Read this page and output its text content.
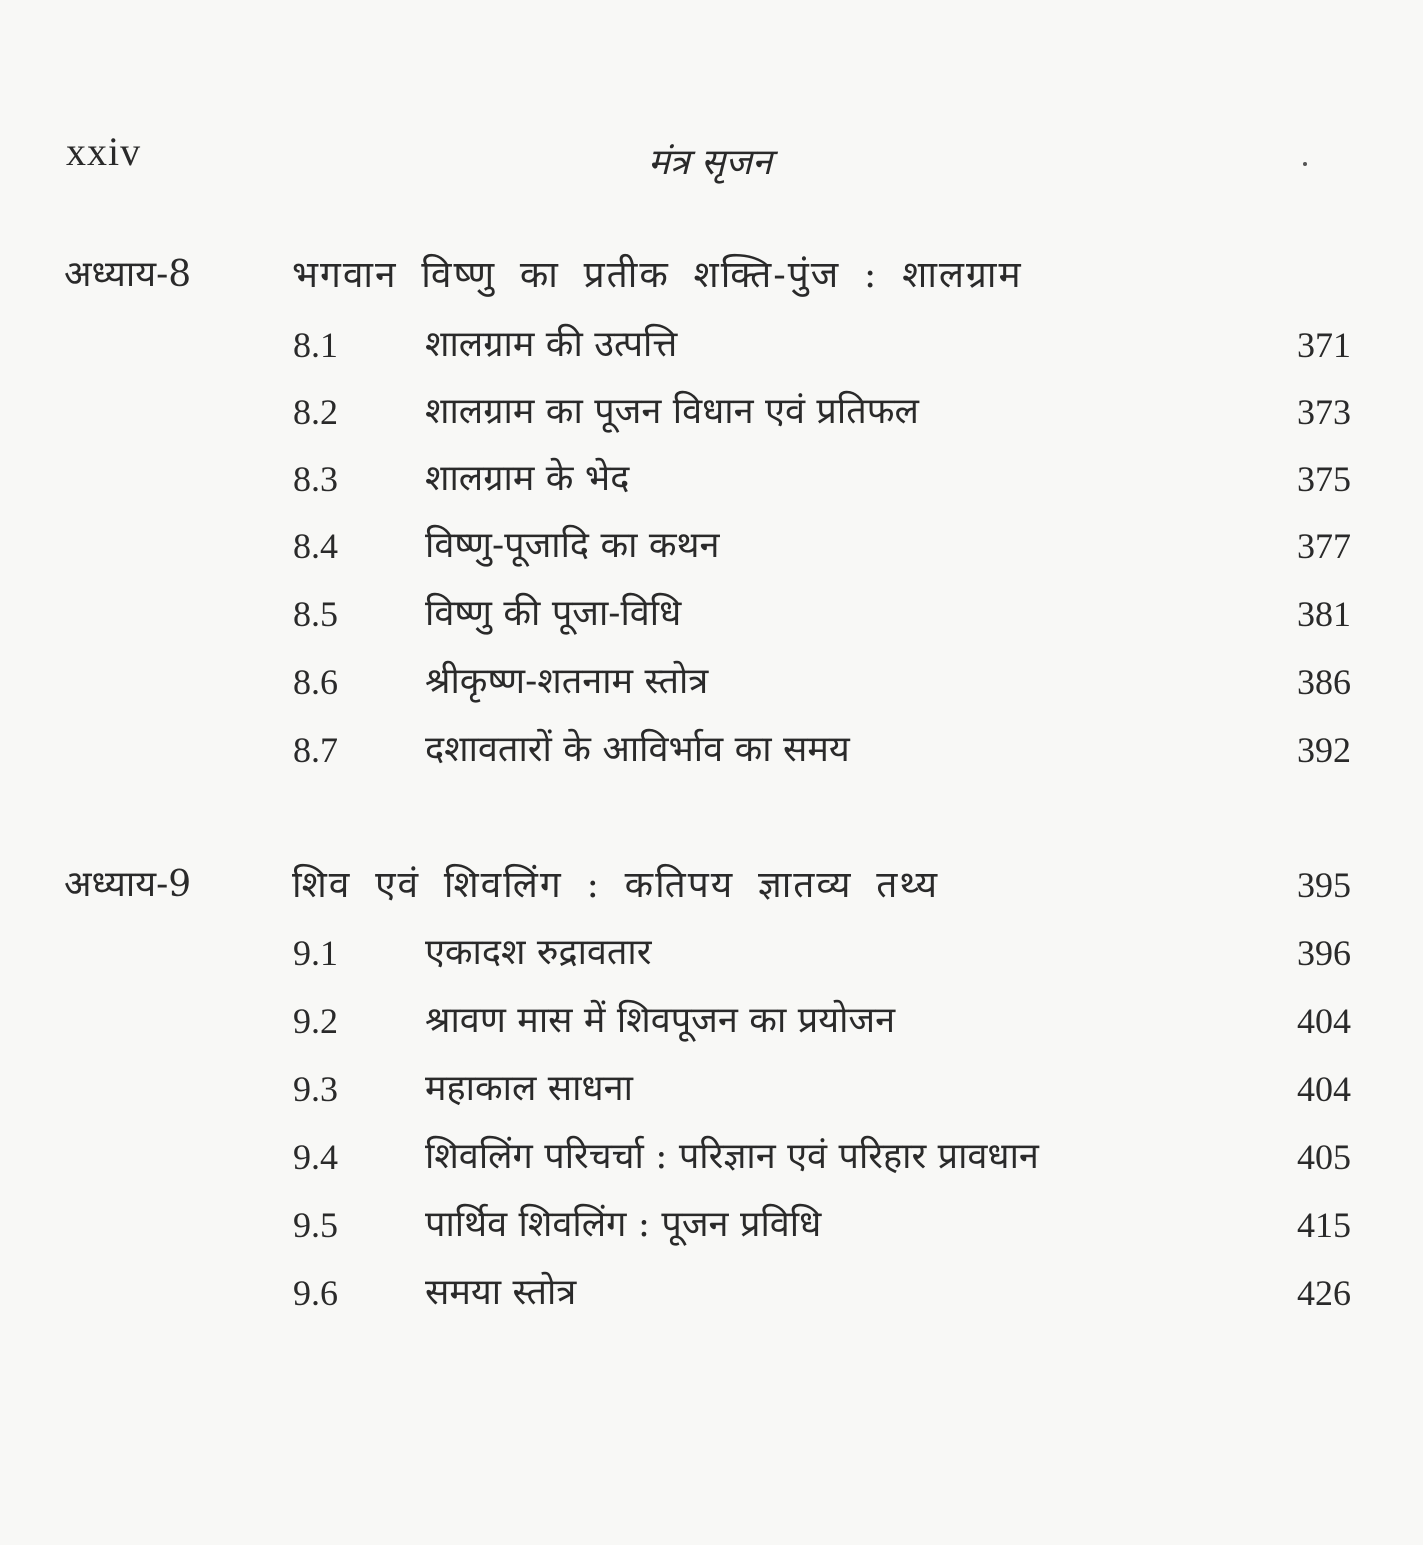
xxiv	मंत्र सृजन
अध्याय-8	भगवान विष्णु का प्रतीक शक्ति-पुंज : शालग्राम
8.1 शालग्राम की उत्पत्ति	371
8.2 शालग्राम का पूजन विधान एवं प्रतिफल	373
8.3 शालग्राम के भेद	375
8.4 विष्णु-पूजादि का कथन	377
8.5 विष्णु की पूजा-विधि	381
8.6 श्रीकृष्ण-शतनाम स्तोत्र	386
8.7 दशावतारों के आविर्भाव का समय	392
अध्याय-9	शिव एवं शिवलिंग : कतिपय ज्ञातव्य तथ्य	395
9.1 एकादश रुद्रावतार	396
9.2 श्रावण मास में शिवपूजन का प्रयोजन	404
9.3 महाकाल साधना	404
9.4 शिवलिंग परिचर्चा : परिज्ञान एवं परिहार प्रावधान	405
9.5 पार्थिव शिवलिंग : पूजन प्रविधि	415
9.6 समया स्तोत्र	426
